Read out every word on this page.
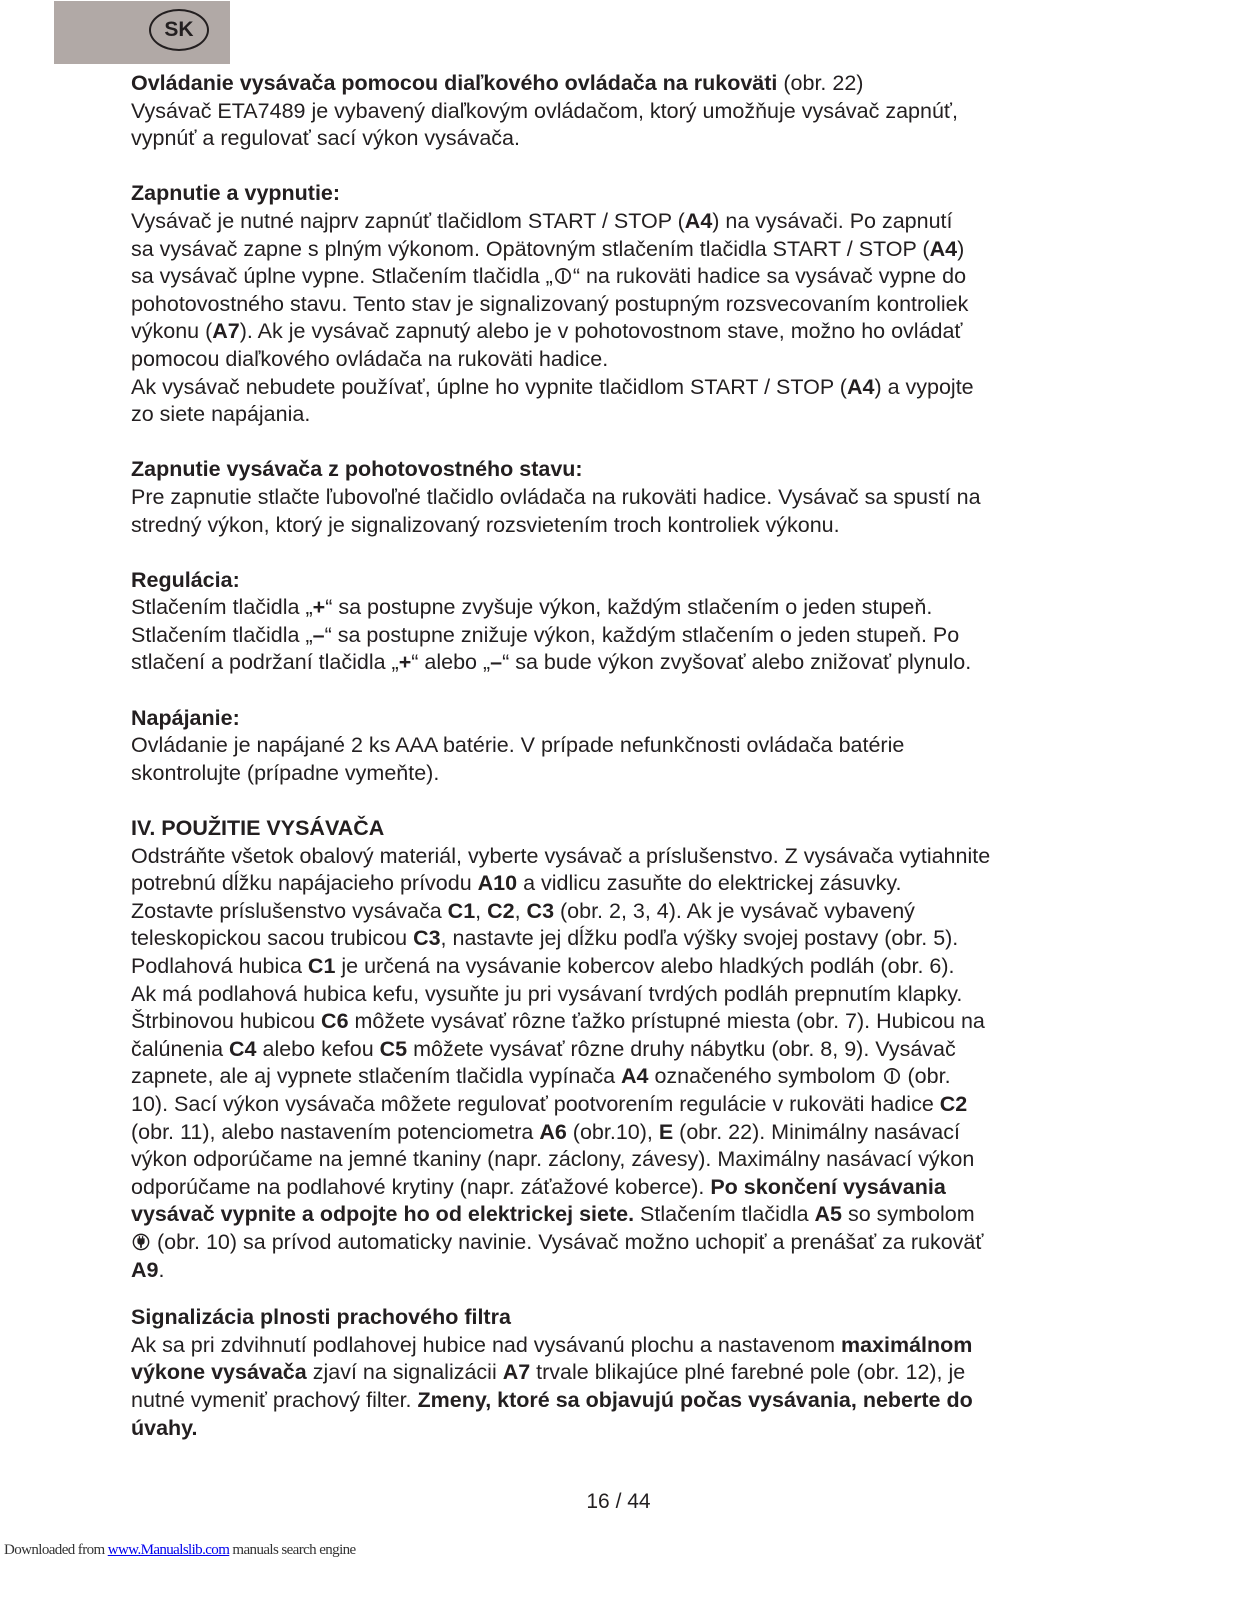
SK
Ovládanie vysávača pomocou diaľkového ovládača na rukoväti (obr. 22)
Vysávač ETA7489 je vybavený diaľkovým ovládačom, ktorý umožňuje vysávač zapnúť,
vypnúť a regulovať sací výkon vysávača.
Zapnutie a vypnutie:
Vysávač je nutné najprv zapnúť tlačidlom START / STOP (A4) na vysávači. Po zapnutí
sa vysávač zapne s plným výkonom. Opätovným stlačením tlačidla START / STOP (A4)
sa vysávač úplne vypne. Stlačením tlačidla „ “ na rukoväti hadice sa vysávač vypne do
pohotovostného stavu. Tento stav je signalizovaný postupným rozsvecovaním kontroliek
výkonu (A7). Ak je vysávač zapnutý alebo je v pohotovostnom stave, možno ho ovládať
pomocou diaľkového ovládača na rukoväti hadice.
Ak vysávač nebudete používať, úplne ho vypnite tlačidlom START / STOP (A4) a vypojte
zo siete napájania.
Zapnutie vysávača z pohotovostného stavu:
Pre zapnutie stlačte ľubovoľné tlačidlo ovládača na rukoväti hadice. Vysávač sa spustí na
stredný výkon, ktorý je signalizovaný rozsvietením troch kontroliek výkonu.
Regulácia:
Stlačením tlačidla „+“ sa postupne zvyšuje výkon, každým stlačením o jeden stupeň.
Stlačením tlačidla „–“ sa postupne znižuje výkon, každým stlačením o jeden stupeň. Po
stlačení a podržaní tlačidla „+“ alebo „–“ sa bude výkon zvyšovať alebo znižovať plynulo.
Napájanie:
Ovládanie je napájané 2 ks AAA batérie. V prípade nefunkčnosti ovládača batérie
skontrolujte (prípadne vymeňte).
IV. POUŽITIE VYSÁVAČA
Odstráňte všetok obalový materiál, vyberte vysávač a príslušenstvo. Z vysávača vytiahnite
potrebnú dĺžku napájacieho prívodu A10 a vidlicu zasuňte do elektrickej zásuvky.
Zostavte príslušenstvo vysávača C1, C2, C3 (obr. 2, 3, 4). Ak je vysávač vybavený
teleskopickou sacou trubicou C3, nastavte jej dĺžku podľa výšky svojej postavy (obr. 5).
Podlahová hubica C1 je určená na vysávanie kobercov alebo hladkých podláh (obr. 6).
Ak má podlahová hubica kefu, vysuňte ju pri vysávaní tvrdých podláh prepnutím klapky.
Štrbinovou hubicou C6 môžete vysávať rôzne ťažko prístupné miesta (obr. 7). Hubicou na
čalúnenia C4 alebo kefou C5 môžete vysávať rôzne druhy nábytku (obr. 8, 9). Vysávač
zapnete, ale aj vypnete stlačením tlačidla vypínača A4 označeného symbolom  (obr.
10). Sací výkon vysávača môžete regulovať pootvorením regulácie v rukoväti hadice C2
(obr. 11), alebo nastavením potenciometra A6 (obr.10), E (obr. 22). Minimálny nasávací
výkon odporúčame na jemné tkaniny (napr. záclony, závesy). Maximálny nasávací výkon
odporúčame na podlahové krytiny (napr. záťažové koberce). Po skončení vysávania
vysávač vypnite a odpojte ho od elektrickej siete. Stlačením tlačidla A5 so symbolom
(obr. 10) sa prívod automaticky navinie. Vysávač možno uchopiť a prenášať za rukoväť
A9.
Signalizácia plnosti prachového filtra
Ak sa pri zdvihnutí podlahovej hubice nad vysávanú plochu a nastavenom maximálnom
výkone vysávača zjaví na signalizácii A7 trvale blikajúce plné farebné pole (obr. 12), je
nutné vymeniť prachový filter. Zmeny, ktoré sa objavujú počas vysávania, neberte do
úvahy.
16 / 44
Downloaded from www.Manualslib.com manuals search engine
